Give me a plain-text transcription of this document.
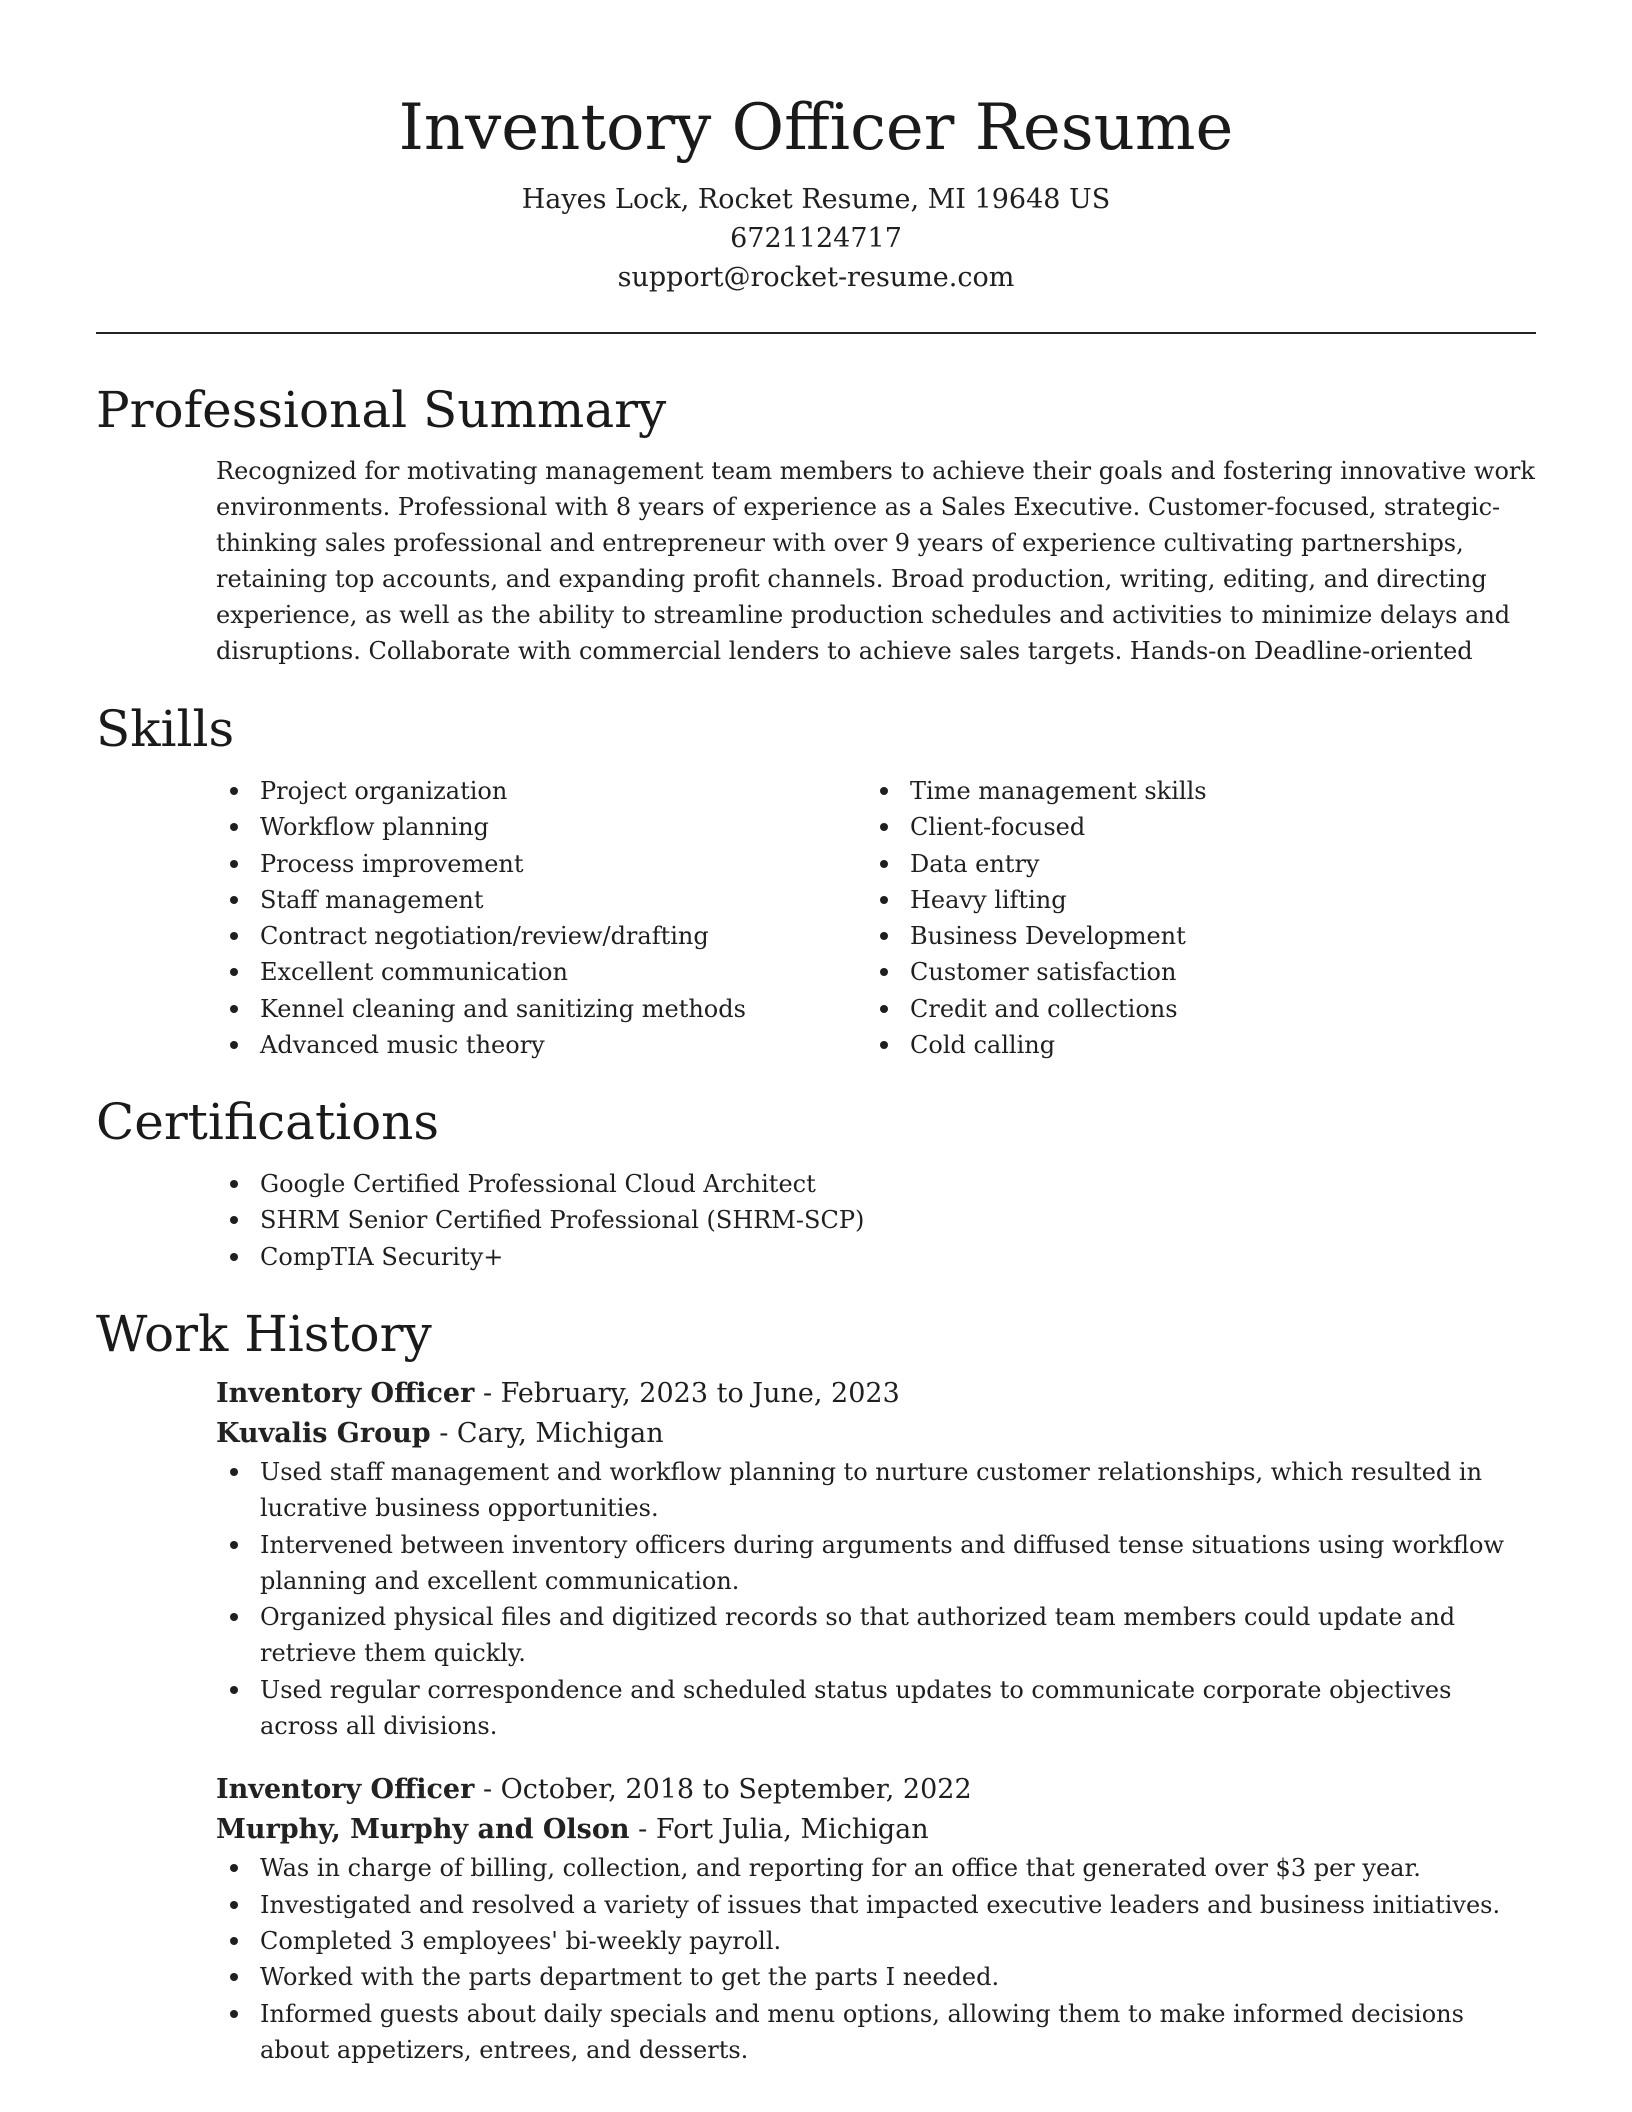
Inventory Officer Resume

Hayes Lock, Rocket Resume, MI 19648 US

6721124717

support@rocket-resume.com

Professional Summary

Recognized for motivating management team members to achieve their goals and fostering innovative work environments. Professional with 8 years of experience as a Sales Executive. Customer-focused, strategic-thinking sales professional and entrepreneur with over 9 years of experience cultivating partnerships, retaining top accounts, and expanding profit channels. Broad production, writing, editing, and directing experience, as well as the ability to streamline production schedules and activities to minimize delays and disruptions. Collaborate with commercial lenders to achieve sales targets. Hands-on Deadline-oriented

Skills
Project organization
Workflow planning
Process improvement
Staff management
Contract negotiation/review/drafting
Excellent communication
Kennel cleaning and sanitizing methods
Advanced music theory
Time management skills
Client-focused
Data entry
Heavy lifting
Business Development
Customer satisfaction
Credit and collections
Cold calling
Certifications
Google Certified Professional Cloud Architect
SHRM Senior Certified Professional (SHRM-SCP)
CompTIA Security+
Work History

Inventory Officer - February, 2023 to June, 2023

Kuvalis Group - Cary, Michigan

Used staff management and workflow planning to nurture customer relationships, which resulted in lucrative business opportunities.
Intervened between inventory officers during arguments and diffused tense situations using workflow planning and excellent communication.
Organized physical files and digitized records so that authorized team members could update and retrieve them quickly.
Used regular correspondence and scheduled status updates to communicate corporate objectives across all divisions.

Inventory Officer - October, 2018 to September, 2022

Murphy, Murphy and Olson - Fort Julia, Michigan

Was in charge of billing, collection, and reporting for an office that generated over $3 per year.
Investigated and resolved a variety of issues that impacted executive leaders and business initiatives.
Completed 3 employees' bi-weekly payroll.
Worked with the parts department to get the parts I needed.
Informed guests about daily specials and menu options, allowing them to make informed decisions about appetizers, entrees, and desserts.
